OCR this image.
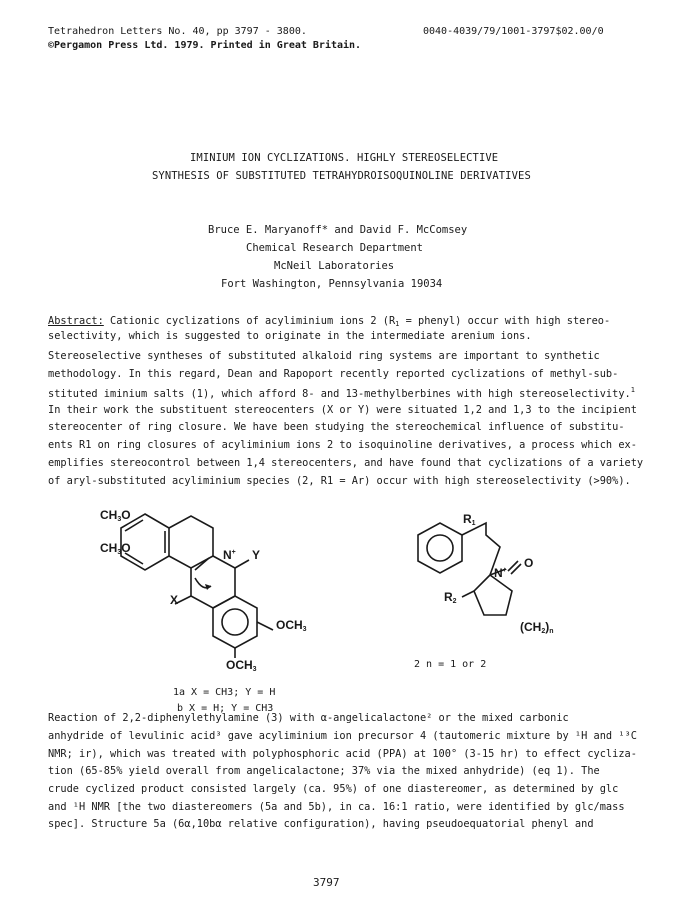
Tetrahedron Letters No. 40, pp 3797 - 3800.	0040-4039/79/1001-3797$02.00/0
©Pergamon Press Ltd. 1979. Printed in Great Britain.
IMINIUM ION CYCLIZATIONS. HIGHLY STEREOSELECTIVE
SYNTHESIS OF SUBSTITUTED TETRAHYDROISOQUINOLINE DERIVATIVES
Bruce E. Maryanoff* and David F. McComsey
Chemical Research Department
McNeil Laboratories
Fort Washington, Pennsylvania 19034
Abstract: Cationic cyclizations of acyliminium ions 2 ($R_1$ = phenyl) occur with high stereo-
selectivity, which is suggested to originate in the intermediate arenium ions.
Stereoselective syntheses of substituted alkaloid ring systems are important to synthetic
methodology. In this regard, Dean and Rapoport recently reported cyclizations of methyl-sub-
stituted iminium salts (1), which afford 8- and 13-methylberbines with high stereoselectivity.$^1$
In their work the substituent stereocenters (X or Y) were situated 1,2 and 1,3 to the incipient
stereocenter of ring closure. We have been studying the stereochemical influence of substitu-
ents R1 on ring closures of acyliminium ions 2 to isoquinoline derivatives, a process which ex-
emplifies stereocontrol between 1,4 stereocenters, and have found that cyclizations of a variety
of aryl-substituted acyliminium species (2, R1 = Ar) occur with high stereoselectivity (>90%).
$CH_3O$
$CH_3O$	N+ Y
X
$OCH_3$
$OCH_3$
1a X = CH3; Y = H
b X = H; Y = CH3
$R_1$
N+
O
$R_2$
$(CH_2)_n$
2 n = 1 or 2
Reaction of 2,2-diphenylethylamine (3) with α-angelicalactone² or the mixed carbonic
anhydride of levulinic acid³ gave acyliminium ion precursor 4 (tautomeric mixture by ¹H and ¹³C
NMR; ir), which was treated with polyphosphoric acid (PPA) at 100° (3-15 hr) to effect cycliza-
tion (65-85% yield overall from angelicalactone; 37% via the mixed anhydride) (eq 1). The
crude cyclized product consisted largely (ca. 95%) of one diastereomer, as determined by glc
and ¹H NMR [the two diastereomers (5a and 5b), in ca. 16:1 ratio, were identified by glc/mass
spec]. Structure 5a (6α,10bα relative configuration), having pseudoequatorial phenyl and
3797
